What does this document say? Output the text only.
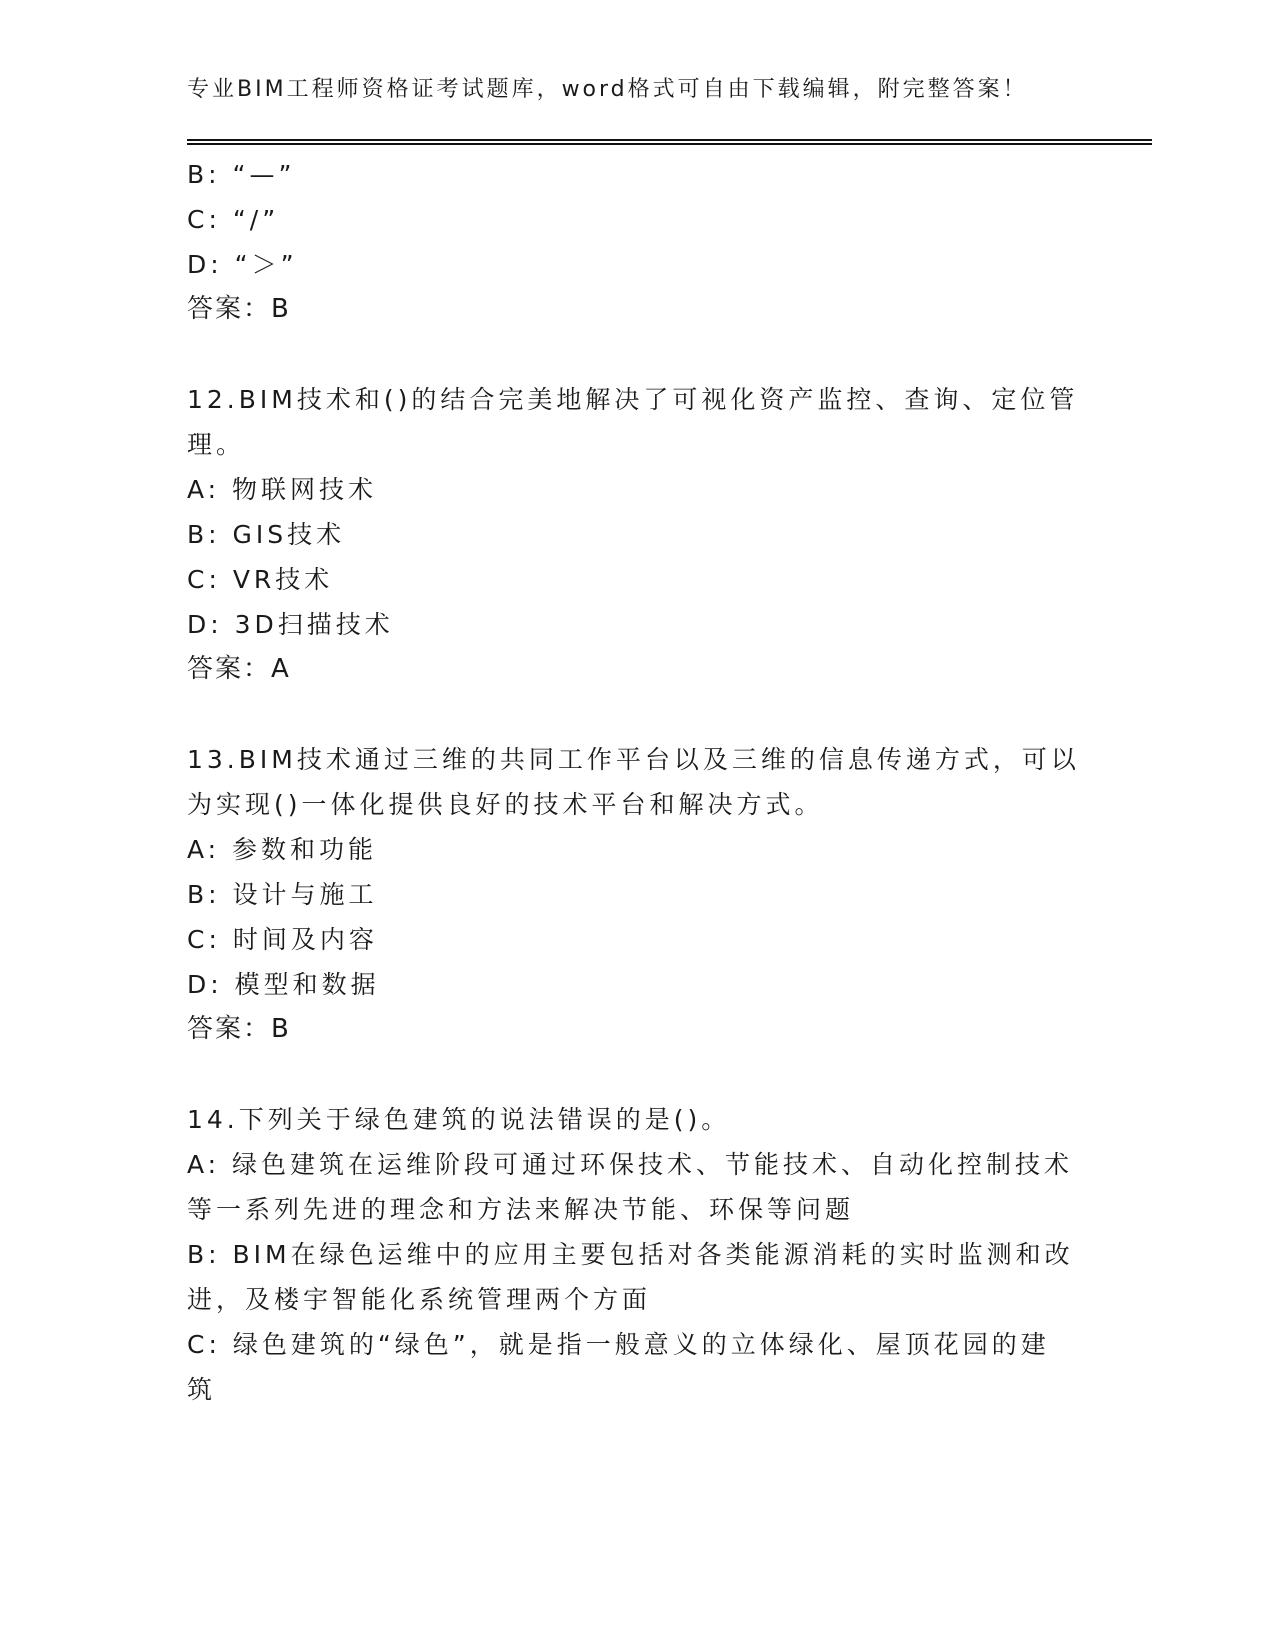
专业BIM工程师资格证考试题库，word格式可自由下载编辑，附完整答案！
B: “—”
C: “/”
D: “＞”
答案：B
12.BIM技术和()的结合完美地解决了可视化资产监控、查询、定位管
理。
A: 物联网技术
B: GIS技术
C: VR技术
D: 3D扫描技术
答案：A
13.BIM技术通过三维的共同工作平台以及三维的信息传递方式，可以
为实现()一体化提供良好的技术平台和解决方式。
A: 参数和功能
B: 设计与施工
C: 时间及内容
D: 模型和数据
答案：B
14.下列关于绿色建筑的说法错误的是()。
A: 绿色建筑在运维阶段可通过环保技术、节能技术、自动化控制技术
等一系列先进的理念和方法来解决节能、环保等问题
B: BIM在绿色运维中的应用主要包括对各类能源消耗的实时监测和改
进，及楼宇智能化系统管理两个方面
C: 绿色建筑的“绿色”，就是指一般意义的立体绿化、屋顶花园的建
筑
